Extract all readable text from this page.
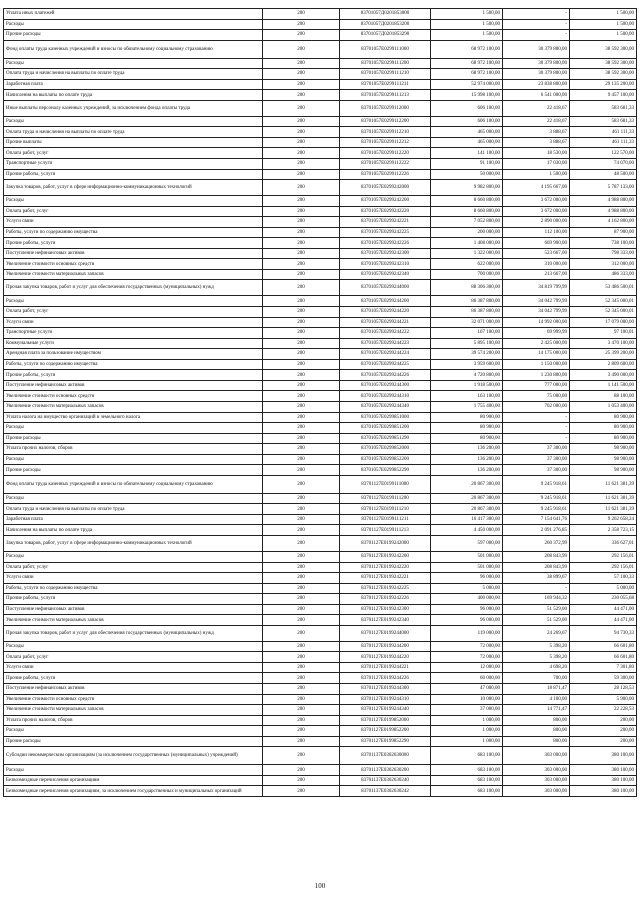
Уплата иных платежей	200	83701057Д0201853000	1 500,00	-	1 500,00
Расходы	200	83701057Д0201853200	1 500,00	-	1 500,00
Прочие расходы	200	83701057Д0201853290	1 500,00	-	1 500,00
Фонд оплаты труда казенных учреждений и взносы по обязательному социальному страхованию	200	83701057Е0299111000	68 972 100,00	30 379 800,00	38 592 300,00
Расходы	200	83701057Е0299111200	68 972 100,00	30 379 800,00	38 592 300,00
Оплата труда и начисления на выплаты по оплате труда	200	83701057Е0299111210	68 972 100,00	30 379 800,00	38 592 300,00
Заработная плата	200	83701057Е0299111211	52 974 000,00	23 838 800,00	29 135 200,00
Начисления на выплаты по оплате труда	200	83701057Е0299111213	15 998 100,00	6 541 000,00	9 457 100,00
Иные выплаты персоналу казенных учреждений, за исключением фонда оплаты труда	200	83701057Е0299112000	606 100,00	22 418,67	583 681,33
Расходы	200	83701057Е0299112200	606 100,00	22 418,67	583 681,33
Оплата труда и начисления на выплаты по оплате труда	200	83701057Е0299112210	465 000,00	3 888,67	461 111,33
Прочие выплаты	200	83701057Е0299112212	465 000,00	3 888,67	461 111,33
Оплата работ, услуг	200	83701057Е0299112220	141 100,00	18 530,00	122 570,00
Транспортные услуги	200	83701057Е0299112222	91 100,00	17 030,00	74 070,00
Прочие работы, услуги	200	83701057Е0299112226	50 000,00	1 500,00	48 500,00
Закупка товаров, работ, услуг в сфере информационно-коммуникационных технологий	200	83701057Е0299242000	9 982 800,00	4 195 667,00	5 787 133,00
Расходы	200	83701057Е0299242200	8 660 800,00	3 672 000,00	4 988 800,00
Оплата работ, услуг	200	83701057Е0299242220	8 660 800,00	3 672 000,00	4 988 800,00
Услуги связи	200	83701057Е0299242221	7 052 800,00	2 890 000,00	4 162 800,00
Работы, услуги по содержанию имущества	200	83701057Е0299242225	200 000,00	112 100,00	87 900,00
Прочие работы, услуги	200	83701057Е0299242226	1 408 000,00	669 900,00	738 100,00
Поступление нефинансовых активов	200	83701057Е0299242300	1 322 000,00	523 667,00	798 333,00
Увеличение стоимости основных средств	200	83701057Е0299242310	622 000,00	310 000,00	312 000,00
Увеличение стоимости материальных запасов	200	83701057Е0299242340	700 000,00	213 667,00	486 333,00
Прочая закупка товаров, работ и услуг для обеспечения государственных (муниципальных) нужд	200	83701057Е0299244000	88 306 300,00	34 819 799,99	53 486 500,01
Расходы	200	83701057Е0299244200	86 387 800,00	34 042 799,99	52 345 000,01
Оплата работ, услуг	200	83701057Е0299244220	86 387 800,00	34 042 799,99	52 345 000,01
Услуги связи	200	83701057Е0299244221	32 071 000,00	14 992 000,00	17 079 000,00
Транспортные услуги	200	83701057Е0299244222	167 100,00	69 999,99	97 100,01
Коммунальные услуги	200	83701057Е0299244223	5 895 100,00	2 425 000,00	3 470 100,00
Арендная плата за пользование имуществом	200	83701057Е0299244224	39 574 200,00	14 175 000,00	25 399 200,00
Работы, услуги по содержанию имущества	200	83701057Е0299244225	3 959 600,00	1 150 000,00	2 809 600,00
Прочие работы, услуги	200	83701057Е0299244226	4 720 800,00	1 230 800,00	3 490 000,00
Поступление нефинансовых активов	200	83701057Е0299244300	1 918 500,00	777 000,00	1 141 500,00
Увеличение стоимости основных средств	200	83701057Е0299244310	163 100,00	75 000,00	88 100,00
Увеличение стоимости материальных запасов	200	83701057Е0299244340	1 755 400,00	702 000,00	1 053 400,00
Уплата налога на имущество организаций и земельного налога	200	83701057Е0299851000	80 900,00	-	80 900,00
Расходы	200	83701057Е0299851200	80 900,00	-	80 900,00
Прочие расходы	200	83701057Е0299851290	80 900,00	-	80 900,00
Уплата прочих налогов, сборов	200	83701057Е0299852000	136 200,00	37 300,00	98 900,00
Расходы	200	83701057Е0299852200	136 200,00	37 300,00	98 900,00
Прочие расходы	200	83701057Е0299852290	136 200,00	37 300,00	98 900,00
Фонд оплаты труда казенных учреждений и взносы по обязательному социальному страхованию	200	83701127Е0199111000	20 867 300,00	9 245 918,61	11 621 381,39
Расходы	200	83701127Е0199111200	20 867 300,00	9 245 918,61	11 621 381,39
Оплата труда и начисления на выплаты по оплате труда	200	83701127Е0199111210	20 867 300,00	9 245 918,61	11 621 381,39
Заработная плата	200	83701127Е0199111211	16 417 300,00	7 154 641,76	9 262 658,24
Начисления на выплаты по оплате труда	200	83701127Е0199111213	4 450 000,00	2 091 276,85	2 358 723,15
Закупка товаров, работ, услуг в сфере информационно-коммуникационных технологий	200	83701127Е0199242000	597 000,00	260 372,99	336 627,01
Расходы	200	83701127Е0199242200	501 000,00	208 843,99	292 156,01
Оплата работ, услуг	200	83701127Е0199242220	501 000,00	208 843,99	292 156,01
Услуги связи	200	83701127Е0199242221	96 000,00	38 899,67	57 100,33
Работы, услуги по содержанию имущества	200	83701127Е0199242225	5 000,00	-	5 000,00
Прочие работы, услуги	200	83701127Е0199242226	400 000,00	169 944,32	230 055,68
Поступление нефинансовых активов	200	83701127Е0199242300	96 000,00	51 529,00	44 471,00
Увеличение стоимости материальных запасов	200	83701127Е0199242340	96 000,00	51 529,00	44 471,00
Прочая закупка товаров, работ и услуг для обеспечения государственных (муниципальных) нужд	200	83701127Е0199244000	119 000,00	24 269,67	94 730,33
Расходы	200	83701127Е0199244200	72 000,00	5 398,20	66 601,80
Оплата работ, услуг	200	83701127Е0199244220	72 000,00	5 398,20	66 601,80
Услуги связи	200	83701127Е0199244221	12 000,00	4 698,20	7 301,80
Прочие работы, услуги	200	83701127Е0199244226	60 000,00	700,00	59 300,00
Поступление нефинансовых активов	200	83701127Е0199244300	47 000,00	18 871,47	28 128,53
Увеличение стоимости основных средств	200	83701127Е0199244310	10 000,00	4 100,00	5 900,00
Увеличение стоимости материальных запасов	200	83701127Е0199244340	37 000,00	14 771,47	22 228,53
Уплата прочих налогов, сборов	200	83701127Е0199852000	1 000,00	800,00	200,00
Расходы	200	83701127Е0199852200	1 000,00	800,00	200,00
Прочие расходы	200	83701127Е0199852290	1 000,00	800,00	200,00
Субсидии некоммерческим организациям (за исключением государственных (муниципальных) учреждений)	200	83701137Е0302630000	683 100,00	303 000,00	380 100,00
Расходы	200	83701137Е0302630200	683 100,00	303 000,00	380 100,00
Безвозмездные перечисления организациям	200	83701137Е0302630240	683 100,00	303 000,00	380 100,00
Безвозмездные перечисления организациям, за исключением государственных и муниципальных организаций	200	83701137Е0302630242	683 100,00	303 000,00	380 100,00
100
